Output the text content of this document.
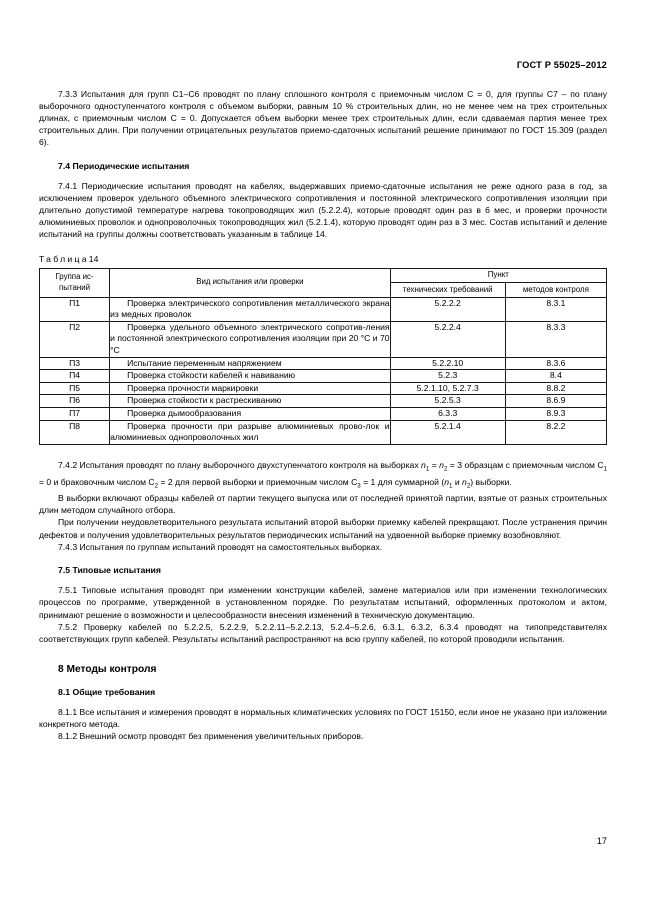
ГОСТ Р 55025–2012

7.3.3 Испытания для групп С1–С6 проводят по плану сплошного контроля с приемочным числом С = 0, для группы С7 – по плану выборочного одноступенчатого контроля с объемом выборки, равным 10 % строительных длин, но не менее чем на трех строительных длинах, с приемочным числом С = 0. Допускается объем выборки менее трех строительных длин, если сдаваемая партия менее трех строительных длин. При получении отрицательных результатов приемо-сдаточных испытаний решение принимают по ГОСТ 15.309 (раздел 6).

7.4 Периодические испытания

7.4.1 Периодические испытания проводят на кабелях, выдержавших приемо-сдаточные испытания не реже одного раза в год, за исключением проверок удельного объемного электрического сопротивления и постоянной электрического сопротивления изоляции при длительно допустимой температуре нагрева токопроводящих жил (5.2.2.4), которые проводят один раз в 6 мес, и проверки прочности алюминиевых проволок и однопроволочных токопроводящих жил (5.2.1.4), которую проводят один раз в 3 мес. Состав испытаний и деление испытаний на группы должны соответствовать указанным в таблице 14.

Таблица14
Группа ис-
пытаний	Вид испытания или проверки	Пункт	
		технических требований	методов контроля
П1	Проверка электрического сопротивления металлического экрана из медных проволок	5.2.2.2	8.3.1
П2	Проверка удельного объемного электрического сопротив-ления и постоянной электрического сопротивления изоляции при 20 °С и 70 °С	5.2.2.4	8.3.3
П3	Испытание переменным напряжением	5.2.2.10	8.3.6
П4	Проверка стойкости кабелей к навиванию	5.2.3	8.4
П5	Проверка прочности маркировки	5.2.1.10, 5.2.7.3	8.8.2
П6	Проверка стойкости к растрескиванию	5.2.5.3	8.6.9
П7	Проверка дымообразования	6.3.3	8.9.3
П8	Проверка прочности при разрыве алюминиевых прово-лок и алюминиевых однопроволочных жил	5.2.1.4	8.2.2

7.4.2 Испытания проводят по плану выборочного двухступенчатого контроля на выборках $n_1 = n_2 = 3$ образцам с приемочным числом $С_1 = 0$ и браковочным числом $С_2 = 2$ для первой выборки и приемочным числом $С_3 = 1$ для суммарной ($n_1$ и $n_2$) выборки.

В выборки включают образцы кабелей от партии текущего выпуска или от последней принятой партии, взятые от разных строительных длин методом случайного отбора.

При получении неудовлетворительного результата испытаний второй выборки приемку кабелей прекращают. После устранения причин дефектов и получения удовлетворительных результатов периодических испытаний на удвоенной выборке приемку возобновляют.

7.4.3 Испытания по группам испытаний проводят на самостоятельных выборках.

7.5 Типовые испытания

7.5.1 Типовые испытания проводят при изменении конструкции кабелей, замене материалов или при изменении технологических процессов по программе, утвержденной в установленном порядке. По результатам испытаний, оформленных протоколом и актом, принимают решение о возможности и целесообразности внесения изменений в техническую документацию.

7.5.2 Проверку кабелей по 5.2.2.5, 5.2.2.9, 5.2.2.11–5.2.2.13, 5.2.4–5.2.6, 6.3.1, 6.3.2, 6.3.4 проводят на типопредставителях соответствующих групп кабелей. Результаты испытаний распространяют на всю группу кабелей, по которой проводили испытания.

8 Методы контроля
8.1 Общие требования

8.1.1 Все испытания и измерения проводят в нормальных климатических условиях по ГОСТ 15150, если иное не указано при изложении конкретного метода.

8.1.2 Внешний осмотр проводят без применения увеличительных приборов.

17
